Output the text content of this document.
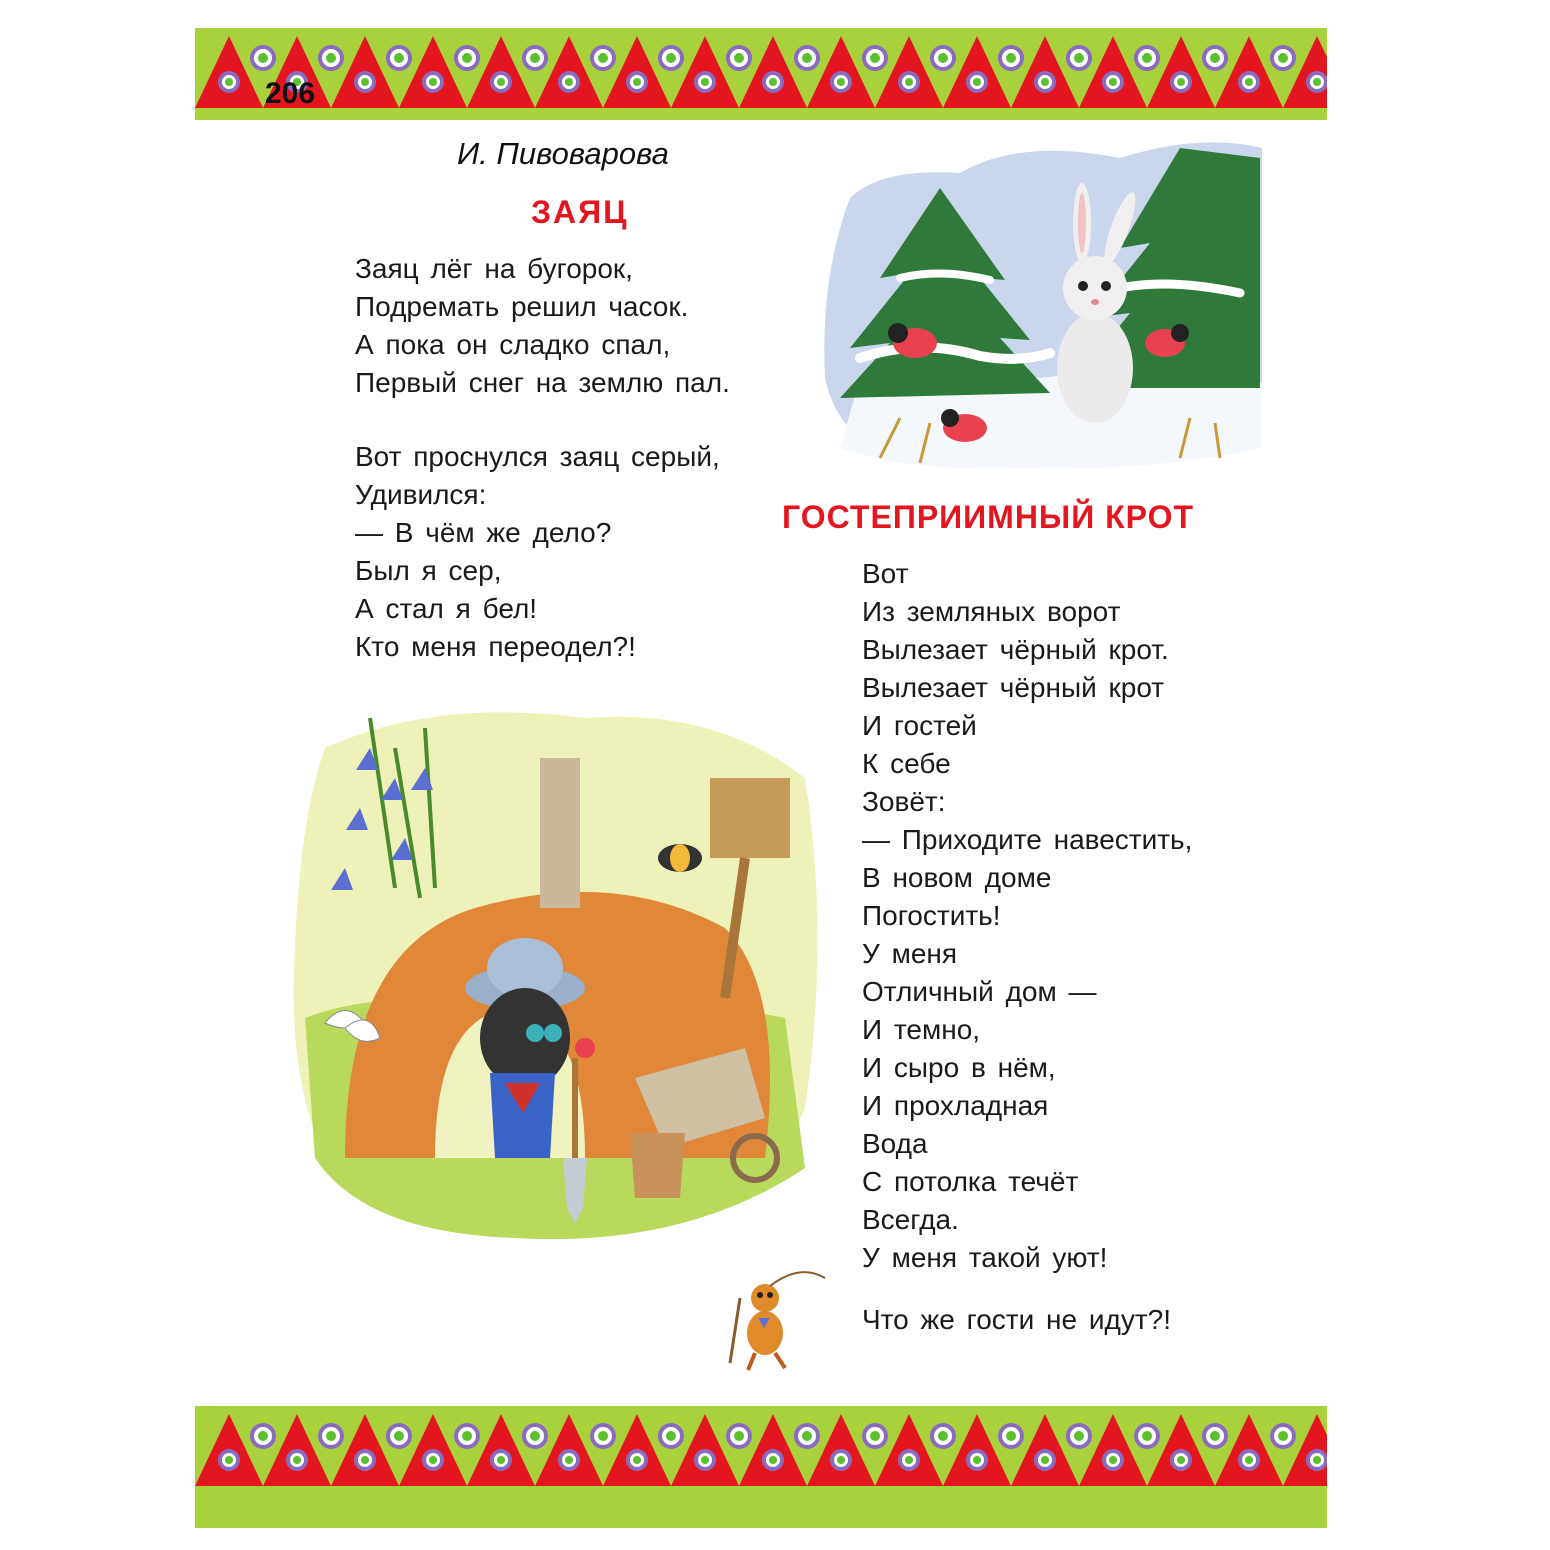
206
И. Пивоварова
ЗАЯЦ
ГОСТЕПРИИМНЫЙ КРОТ
Заяц лёг на бугорок,
Подремать решил часок.
А пока он сладко спал,
Первый снег на землю пал.
Вот проснулся заяц серый,
Удивился:
— В чём же дело?
Был я сер,
А стал я бел!
Кто меня переодел?!
Вот
Из земляных ворот
Вылезает чёрный крот.
Вылезает чёрный крот
И гостей
К себе
Зовёт:
— Приходите навестить,
В новом доме
Погостить!
У меня
Отличный дом —
И темно,
И сыро в нём,
И прохладная
Вода
С потолка течёт
Всегда.
У меня такой уют!
Что же гости не идут?!
